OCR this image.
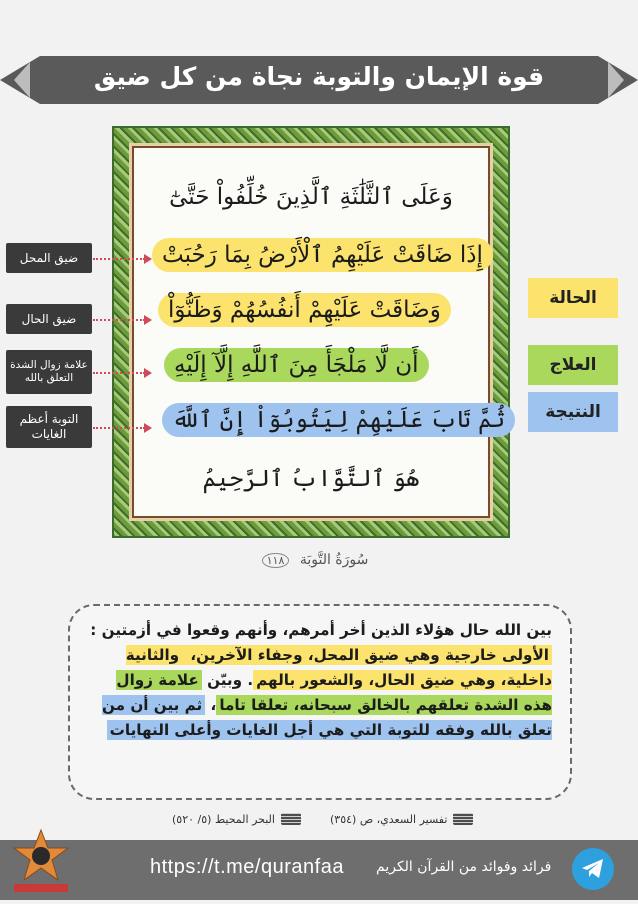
قوة الإيمان والتوبة نجاة من كل ضيق
وَعَلَى ٱلثَّلَٰثَةِ ٱلَّذِينَ خُلِّفُواْ حَتَّىٰٓ
إِذَا ضَاقَتْ عَلَيْهِمُ ٱلْأَرْضُ بِمَا رَحُبَتْ
وَضَاقَتْ عَلَيْهِمْ أَنفُسُهُمْ وَظَنُّوٓاْ
أَن لَّا مَلْجَأَ مِنَ ٱللَّهِ إِلَّآ إِلَيْهِ
ثُمَّ تَابَ عَلَيْهِمْ لِيَتُوبُوٓاْ إِنَّ ٱللَّهَ
هُوَ ٱلتَّوَّابُ ٱلرَّحِيمُ
ضيق المحل
ضيق الحال
علامة زوال الشدة التعلق بالله
التوبة أعظم الغايات
الحالة
العلاج
النتيجة
سُورَةُ التَّوبَة ١١٨
بين الله حال هؤلاء الذين أخر أمرهم، وأنهم وقعوا في أزمتين : الأولى خارجية وهي ضيق المحل، وجفاء الآخرين، والثانية داخلية، وهي ضيق الحال، والشعور بالهم. وبيّن علامة زوال هذه الشدة تعلقهم بالخالق سبحانه، تعلقا تاما، ثم بين أن من تعلق بالله وفقه للتوبة التي هي أجل الغايات وأعلى النهايات
تفسير السعدي، ص (٣٥٤)
البحر المحيط (٥/ ٥٢٠)
https://t.me/quranfaa فرائد وفوائد من القرآن الكريم
